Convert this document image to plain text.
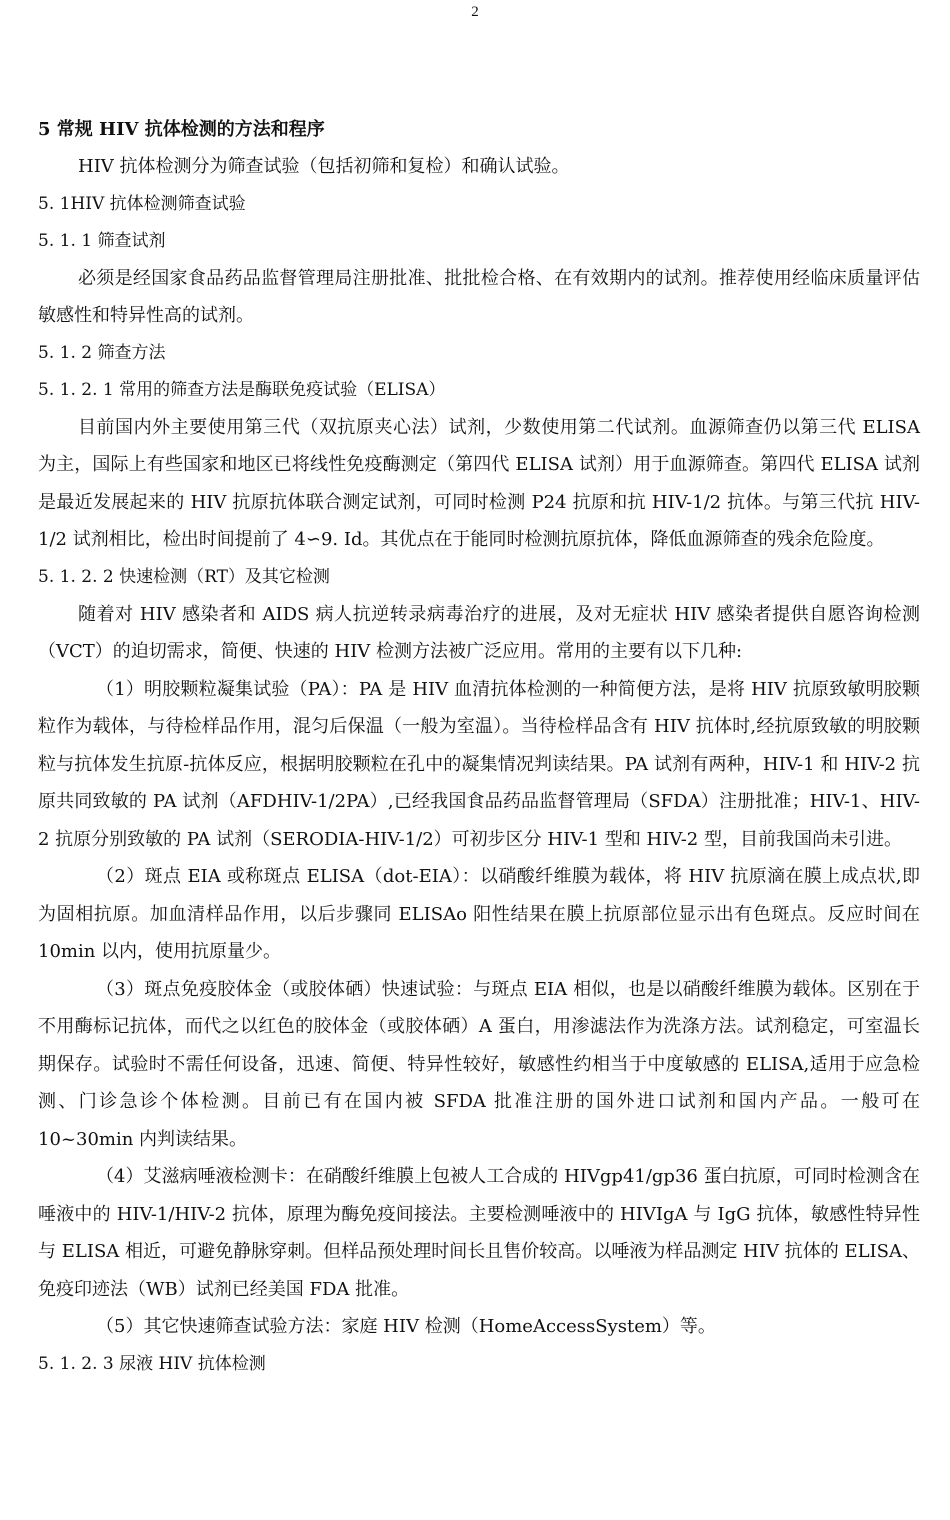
2
5 常规 HIV 抗体检测的方法和程序

HIV 抗体检测分为筛查试验（包括初筛和复检）和确认试验。

5. 1HIV 抗体检测筛查试验
5. 1. 1 筛查试剂

必须是经国家食品药品监督管理局注册批准、批批检合格、在有效期内的试剂。推荐使用经临床质量评估敏感性和特异性高的试剂。

5. 1. 2 筛查方法
5. 1. 2. 1 常用的筛查方法是酶联免疫试验（ELISA）

目前国内外主要使用第三代（双抗原夹心法）试剂，少数使用第二代试剂。血源筛查仍以第三代 ELISA 为主，国际上有些国家和地区已将线性免疫酶测定（第四代 ELISA 试剂）用于血源筛查。第四代 ELISA 试剂是最近发展起来的 HIV 抗原抗体联合测定试剂，可同时检测 P24 抗原和抗 HIV-1/2 抗体。与第三代抗 HIV-1/2 试剂相比，检出时间提前了 4∽9. Id。其优点在于能同时检测抗原抗体，降低血源筛查的残余危险度。

5. 1. 2. 2 快速检测（RT）及其它检测

随着对 HIV 感染者和 AIDS 病人抗逆转录病毒治疗的进展，及对无症状 HIV 感染者提供自愿咨询检测（VCT）的迫切需求，简便、快速的 HIV 检测方法被广泛应用。常用的主要有以下几种:

（1）明胶颗粒凝集试验（PA）：PA 是 HIV 血清抗体检测的一种简便方法，是将 HIV 抗原致敏明胶颗粒作为载体，与待检样品作用，混匀后保温（一般为室温）。当待检样品含有 HIV 抗体时,经抗原致敏的明胶颗粒与抗体发生抗原-抗体反应，根据明胶颗粒在孔中的凝集情况判读结果。PA 试剂有两种，HIV-1 和 HIV-2 抗原共同致敏的 PA 试剂（AFDHIV-1/2PA）,已经我国食品药品监督管理局（SFDA）注册批准；HIV-1、HIV-2 抗原分别致敏的 PA 试剂（SERODIA-HIV-1/2）可初步区分 HIV-1 型和 HIV-2 型，目前我国尚未引进。

（2）斑点 EIA 或称斑点 ELISA（dot-EIA）：以硝酸纤维膜为载体，将 HIV 抗原滴在膜上成点状,即为固相抗原。加血清样品作用，以后步骤同 ELISAo 阳性结果在膜上抗原部位显示出有色斑点。反应时间在 10min 以内，使用抗原量少。

（3）斑点免疫胶体金（或胶体硒）快速试验：与斑点 EIA 相似，也是以硝酸纤维膜为载体。区别在于不用酶标记抗体，而代之以红色的胶体金（或胶体硒）A 蛋白，用渗滤法作为洗涤方法。试剂稳定，可室温长期保存。试验时不需任何设备，迅速、简便、特异性较好，敏感性约相当于中度敏感的 ELISA,适用于应急检测、门诊急诊个体检测。目前已有在国内被 SFDA 批准注册的国外进口试剂和国内产品。一般可在 10~30min 内判读结果。

（4）艾滋病唾液检测卡：在硝酸纤维膜上包被人工合成的 HIVgp41/gp36 蛋白抗原，可同时检测含在唾液中的 HIV-1/HIV-2 抗体，原理为酶免疫间接法。主要检测唾液中的 HIVIgA 与 IgG 抗体，敏感性特异性与 ELISA 相近，可避免静脉穿刺。但样品预处理时间长且售价较高。以唾液为样品测定 HIV 抗体的 ELISA、免疫印迹法（WB）试剂已经美国 FDA 批准。

（5）其它快速筛查试验方法：家庭 HIV 检测（HomeAccessSystem）等。

5. 1. 2. 3 尿液 HIV 抗体检测
